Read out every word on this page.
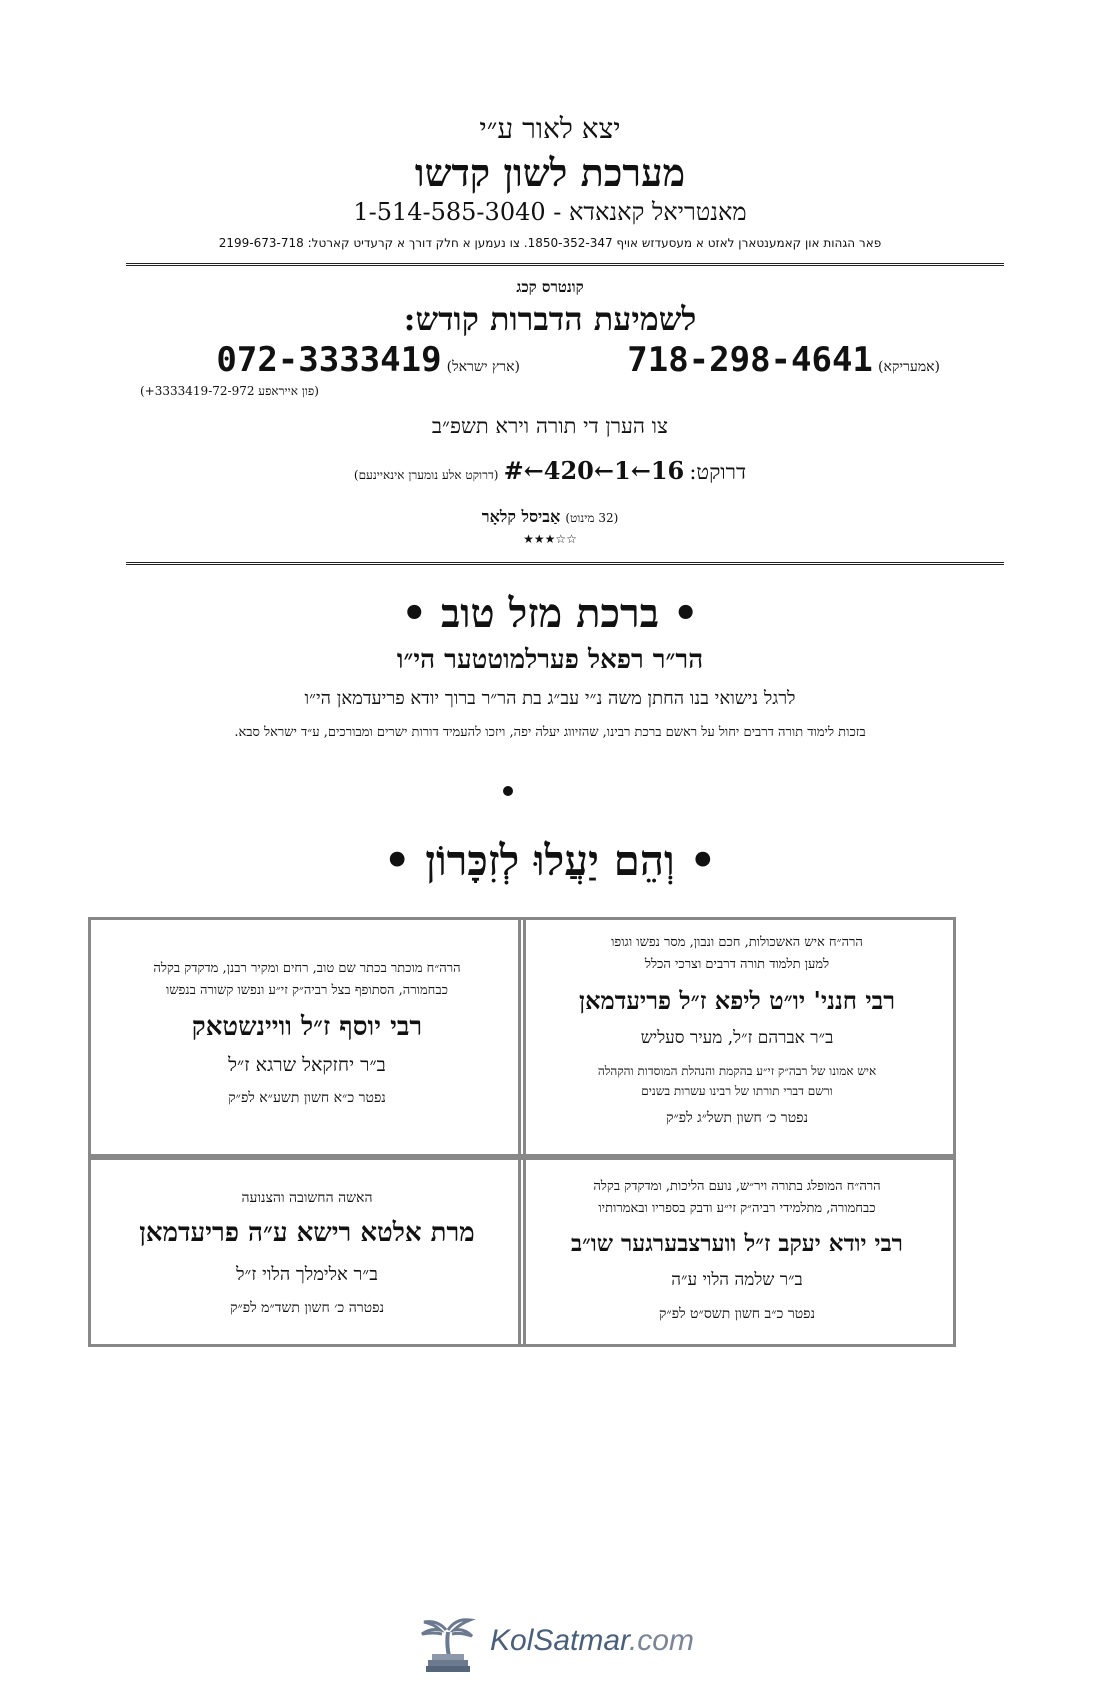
יצא לאור ע״י
מערכת לשון קדשו
מאנטריאל קאנאדא - 1-514-585-3040
פאר הגהות און קאמענטארן לאזט א מעסעדזש אויף 1850-352-347. צו נעמען א חלק דורך א קרעדיט קארטל: 2199-673-718
קונטרס קכג
לשמיעת הדברות קודש:
(אמעריקא) 718-298-4641
(ארץ ישראל) 072-3333419
(פון אייראפע 3333419-72-972+)
צו הערן די תורה וירא תשפ״ב
דרוקט: 16←1←420←# (דרוקט אלע נומערן אינאיינעם)
(32 מינוט) אַביסל קלאָר
★★★☆☆
• ברכת מזל טוב •
הר״ר רפאל פערלמוטטער הי״ו
לרגל נישואי בנו החתן משה נ״י עב״ג בת הר״ר ברוך יודא פריעדמאן הי״ו
בזכות לימוד תורה דרבים יחול על ראשם ברכת רבינו, שהזיווג יעלה יפה, ויזכו להעמיד דורות ישרים ומבורכים, ע״ד ישראל סבא.
• וְהֵם יַעֲלוּ לְזִכָּרוֹן •
הרה״ח איש האשכולות, חכם ונבון, מסר נפשו וגופו
למען תלמוד תורה דרבים וצרכי הכלל
רבי חנני' יו״ט ליפא ז״ל פריעדמאן
ב״ר אברהם ז״ל, מעיר סעליש
איש אמונו של רבה״ק זי״ע בהקמת והנהלת המוסדות והקהלה
ורשם דברי תורתו של רבינו עשרות בשנים
נפטר כ׳ חשון תשל״ג לפ״ק
הרה״ח מוכתר בכתר שם טוב, רחים ומקיר רבנן, מדקדק בקלה
כבחמורה, הסתופף בצל רביה״ק זי״ע ונפשו קשורה בנפשו
רבי יוסף ז״ל וויינשטאק
ב״ר יחזקאל שרגא ז״ל
נפטר כ״א חשון תשע״א לפ״ק
הרה״ח המופלג בתורה ויר״ש, נועם הליכות, ומדקדק בקלה
כבחמורה, מתלמידי רביה״ק זי״ע ודבק בספריו ובאמרותיו
רבי יודא יעקב ז״ל ווערצבערגער שו״ב
ב״ר שלמה הלוי ע״ה
נפטר כ״ב חשון תשס״ט לפ״ק
האשה החשובה והצנועה
מרת אלטא רישא ע״ה פריעדמאן
ב״ר אלימלך הלוי ז״ל
נפטרה כ׳ חשון תשד״מ לפ״ק
KolSatmar.com
